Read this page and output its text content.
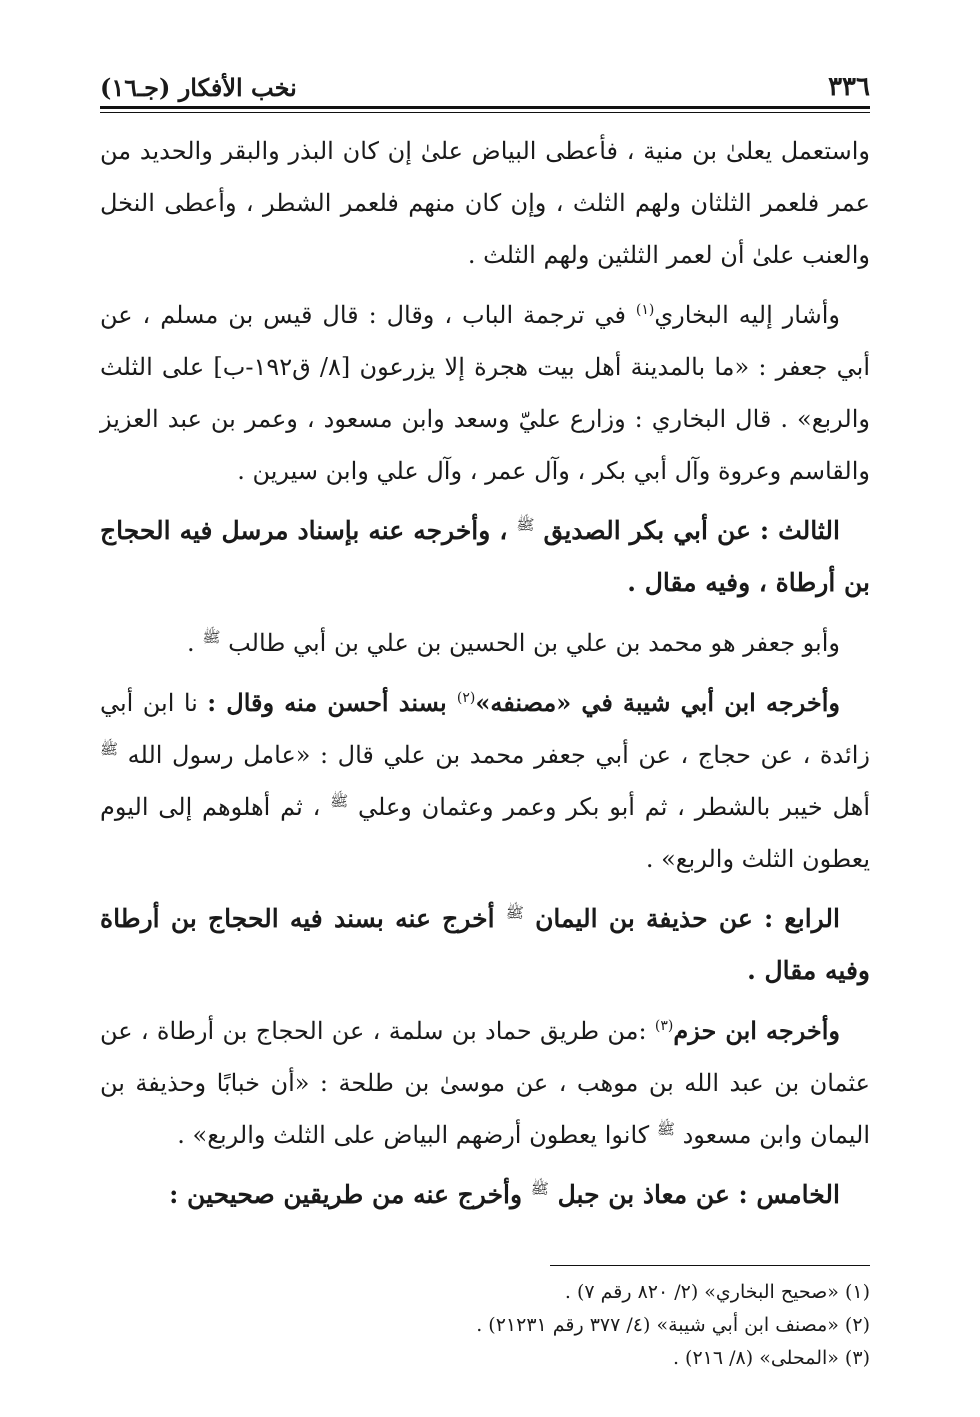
٣٣٦
نخب الأفكار (جـ١٦)

واستعمل يعلىٰ بن منية ، فأعطى البياض علىٰ إن كان البذر والبقر والحديد من عمر فلعمر الثلثان ولهم الثلث ، وإن كان منهم فلعمر الشطر ، وأعطى النخل والعنب علىٰ أن لعمر الثلثين ولهم الثلث .

وأشار إليه البخاري$^{(١)}$ في ترجمة الباب ، وقال : قال قيس بن مسلم ، عن أبي جعفر : «ما بالمدينة أهل بيت هجرة إلا يزرعون [٨/ ق١٩٢-ب] على الثلث والربع» . قال البخاري : وزارع عليّ وسعد وابن مسعود ، وعمر بن عبد العزيز والقاسم وعروة وآل أبي بكر ، وآل عمر ، وآل علي وابن سيرين .

الثالث : عن أبي بكر الصديق $^ﷺ$ ، وأخرجه عنه بإسناد مرسل فيه الحجاج بن أرطاة ، وفيه مقال .

وأبو جعفر هو محمد بن علي بن الحسين بن علي بن أبي طالب $^ﷺ$ .

وأخرجه ابن أبي شيبة في «مصنفه»$^{(٢)}$ بسند أحسن منه وقال : نا ابن أبي زائدة ، عن حجاج ، عن أبي جعفر محمد بن علي قال : «عامل رسول الله $^ﷺ$ أهل خيبر بالشطر ، ثم أبو بكر وعمر وعثمان وعلي $^ﷺ$ ، ثم أهلوهم إلى اليوم يعطون الثلث والربع» .

الرابع : عن حذيفة بن اليمان $^ﷺ$ أخرج عنه بسند فيه الحجاج بن أرطاة وفيه مقال .

وأخرجه ابن حزم$^{(٣)}$ :من طريق حماد بن سلمة ، عن الحجاج بن أرطاة ، عن عثمان بن عبد الله بن موهب ، عن موسىٰ بن طلحة : «أن خبابًا وحذيفة بن اليمان وابن مسعود $^ﷺ$ كانوا يعطون أرضهم البياض على الثلث والربع» .

الخامس : عن معاذ بن جبل $^ﷺ$ وأخرج عنه من طريقين صحيحين :

(١) «صحيح البخاري» (٢/ ٨٢٠ رقم ٧) .

(٢) «مصنف ابن أبي شيبة» (٤/ ٣٧٧ رقم ٢١٢٣١) .

(٣) «المحلى» (٨/ ٢١٦) .
